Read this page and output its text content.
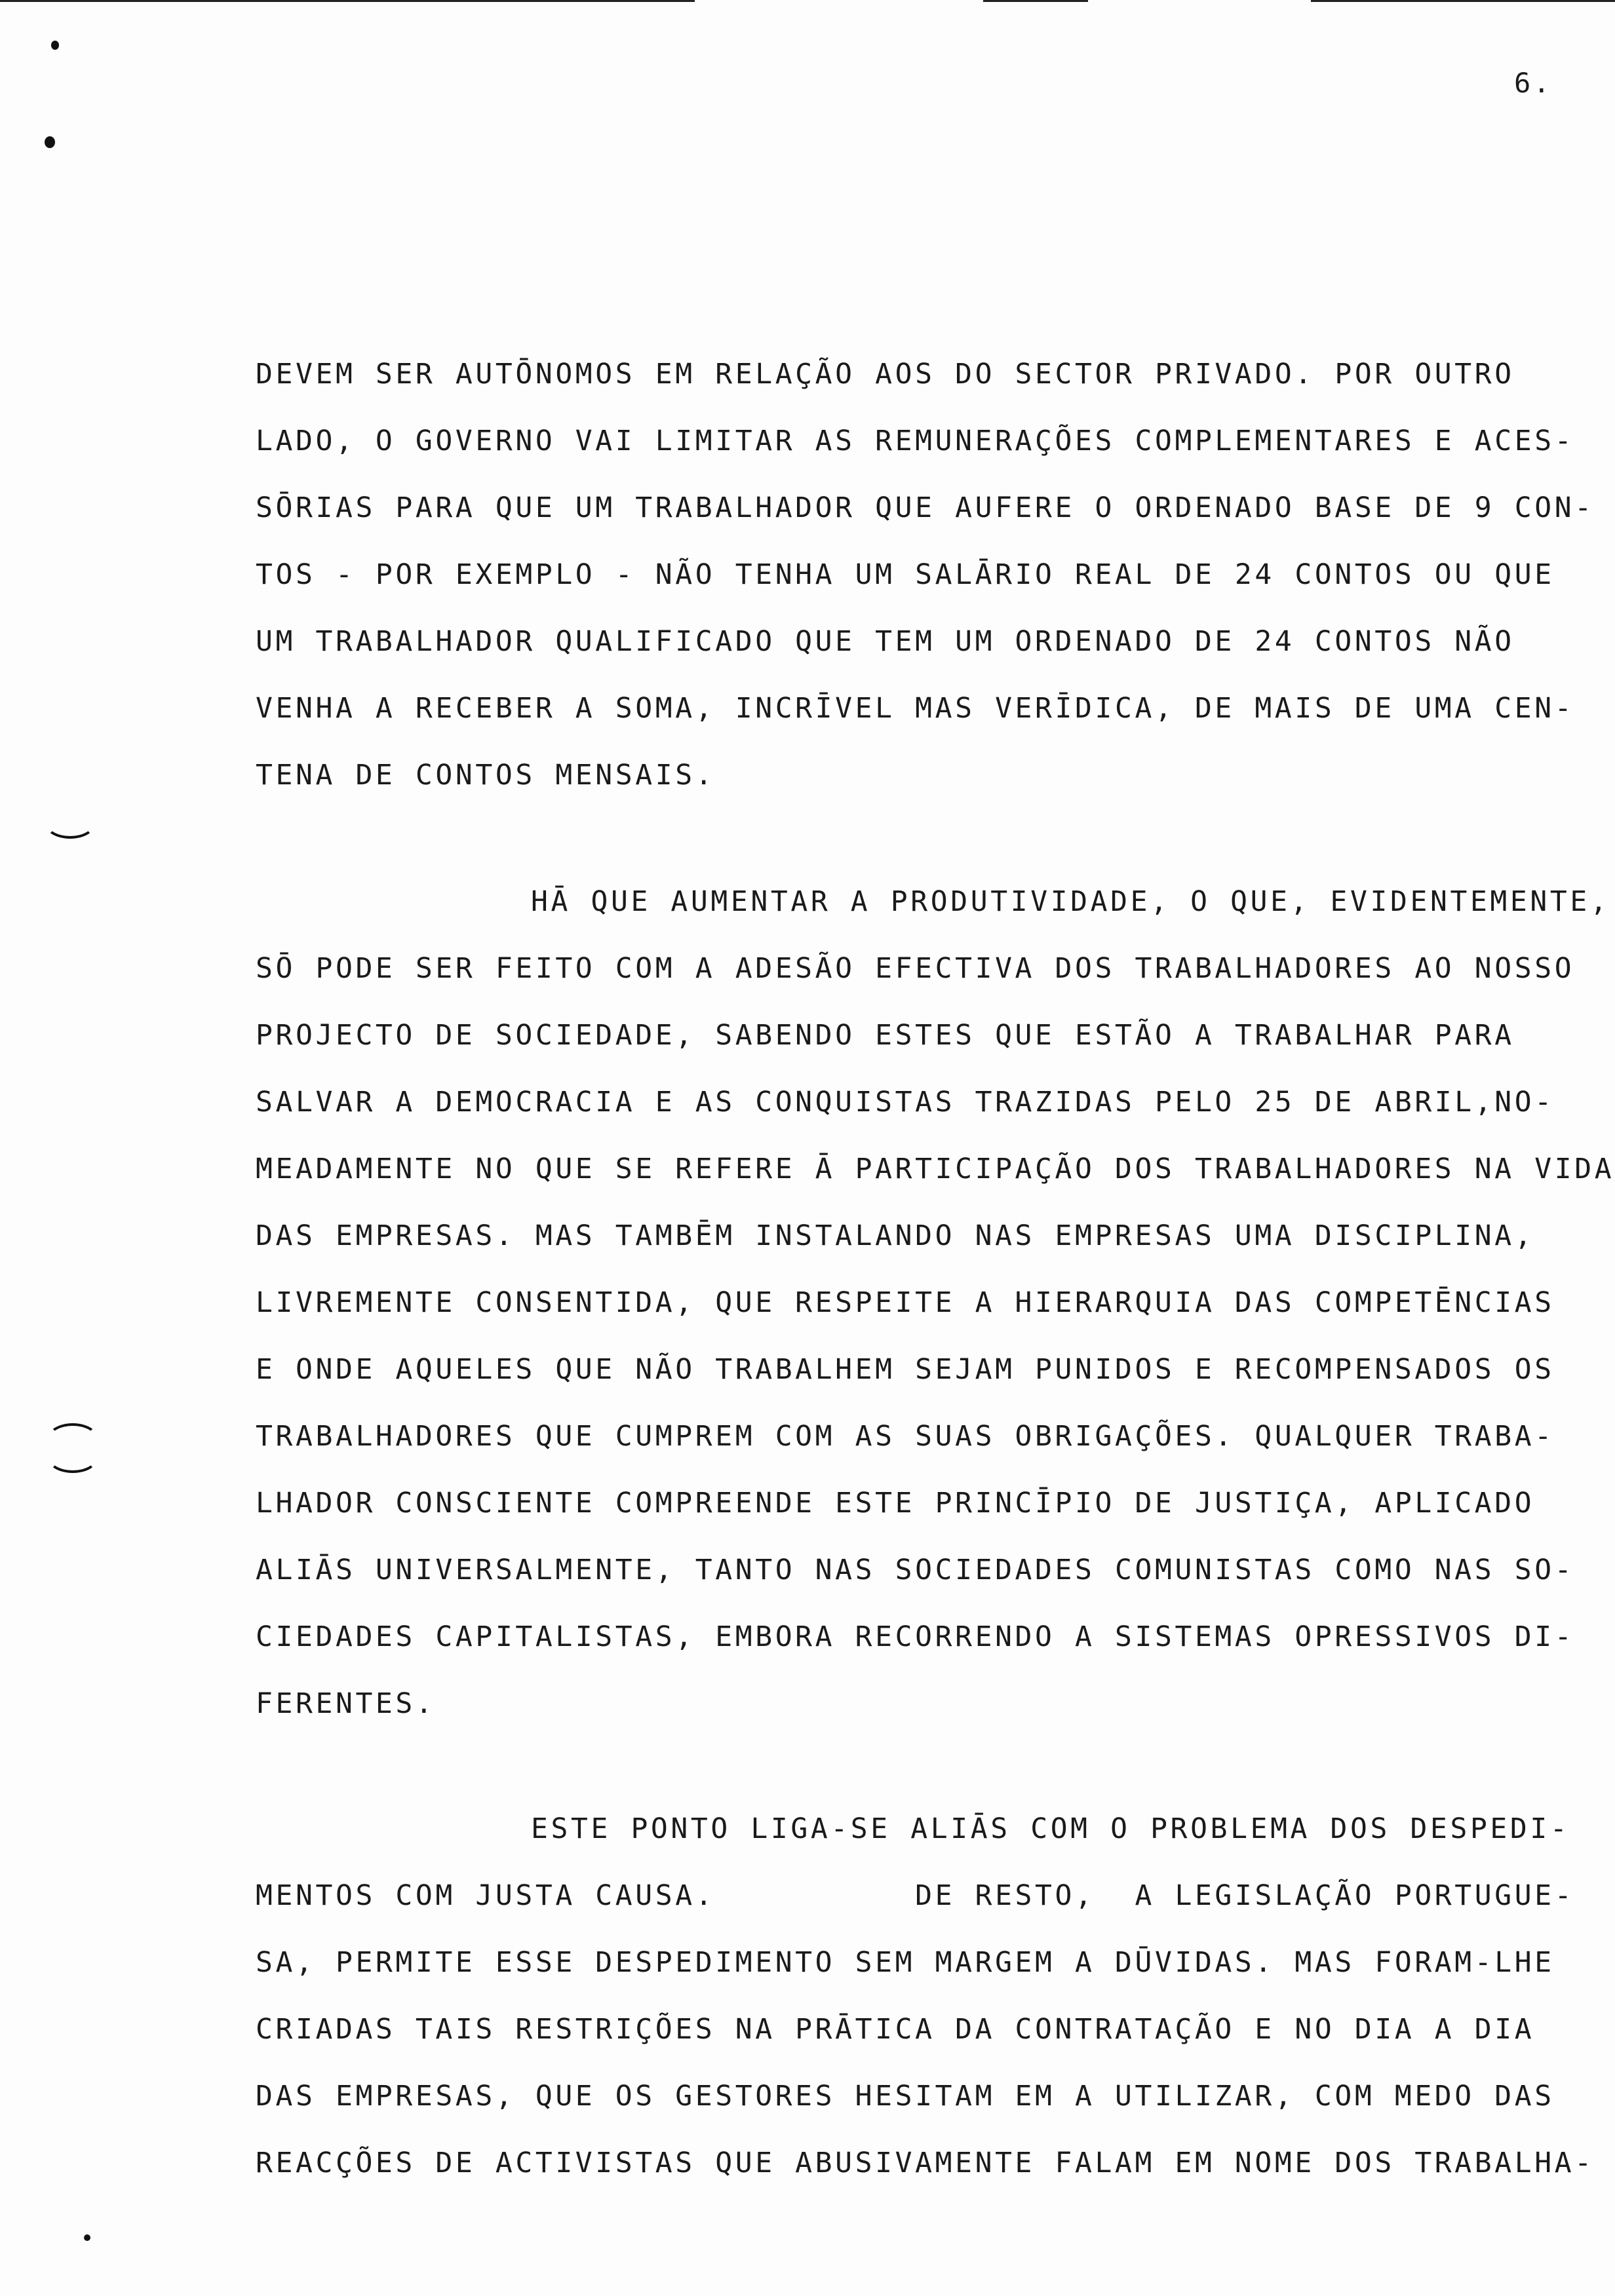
6.
DEVEM SER AUTŌNOMOS EM RELAÇÃO AOS DO SECTOR PRIVADO. POR OUTRO
LADO, O GOVERNO VAI LIMITAR AS REMUNERAÇÕES COMPLEMENTARES E ACES-
SŌRIAS PARA QUE UM TRABALHADOR QUE AUFERE O ORDENADO BASE DE 9 CON-
TOS - POR EXEMPLO - NÃO TENHA UM SALĀRIO REAL DE 24 CONTOS OU QUE
UM TRABALHADOR QUALIFICADO QUE TEM UM ORDENADO DE 24 CONTOS NÃO
VENHA A RECEBER A SOMA, INCRĪVEL MAS VERĪDICA, DE MAIS DE UMA CEN-
TENA DE CONTOS MENSAIS.
HĀ QUE AUMENTAR A PRODUTIVIDADE, O QUE, EVIDENTEMENTE,
SŌ PODE SER FEITO COM A ADESÃO EFECTIVA DOS TRABALHADORES AO NOSSO
PROJECTO DE SOCIEDADE, SABENDO ESTES QUE ESTÃO A TRABALHAR PARA
SALVAR A DEMOCRACIA E AS CONQUISTAS TRAZIDAS PELO 25 DE ABRIL,NO-
MEADAMENTE NO QUE SE REFERE Ā PARTICIPAÇÃO DOS TRABALHADORES NA VIDA
DAS EMPRESAS. MAS TAMBĒM INSTALANDO NAS EMPRESAS UMA DISCIPLINA,
LIVREMENTE CONSENTIDA, QUE RESPEITE A HIERARQUIA DAS COMPETĒNCIAS
E ONDE AQUELES QUE NÃO TRABALHEM SEJAM PUNIDOS E RECOMPENSADOS OS
TRABALHADORES QUE CUMPREM COM AS SUAS OBRIGAÇÕES. QUALQUER TRABA-
LHADOR CONSCIENTE COMPREENDE ESTE PRINCĪPIO DE JUSTIÇA, APLICADO
ALIĀS UNIVERSALMENTE, TANTO NAS SOCIEDADES COMUNISTAS COMO NAS SO-
CIEDADES CAPITALISTAS, EMBORA RECORRENDO A SISTEMAS OPRESSIVOS DI-
FERENTES.
ESTE PONTO LIGA-SE ALIĀS COM O PROBLEMA DOS DESPEDI-
MENTOS COM JUSTA CAUSA.          DE RESTO,  A LEGISLAÇÃO PORTUGUE-
SA, PERMITE ESSE DESPEDIMENTO SEM MARGEM A DŪVIDAS. MAS FORAM-LHE
CRIADAS TAIS RESTRIÇÕES NA PRĀTICA DA CONTRATAÇÃO E NO DIA A DIA
DAS EMPRESAS, QUE OS GESTORES HESITAM EM A UTILIZAR, COM MEDO DAS
REACÇÕES DE ACTIVISTAS QUE ABUSIVAMENTE FALAM EM NOME DOS TRABALHA-
